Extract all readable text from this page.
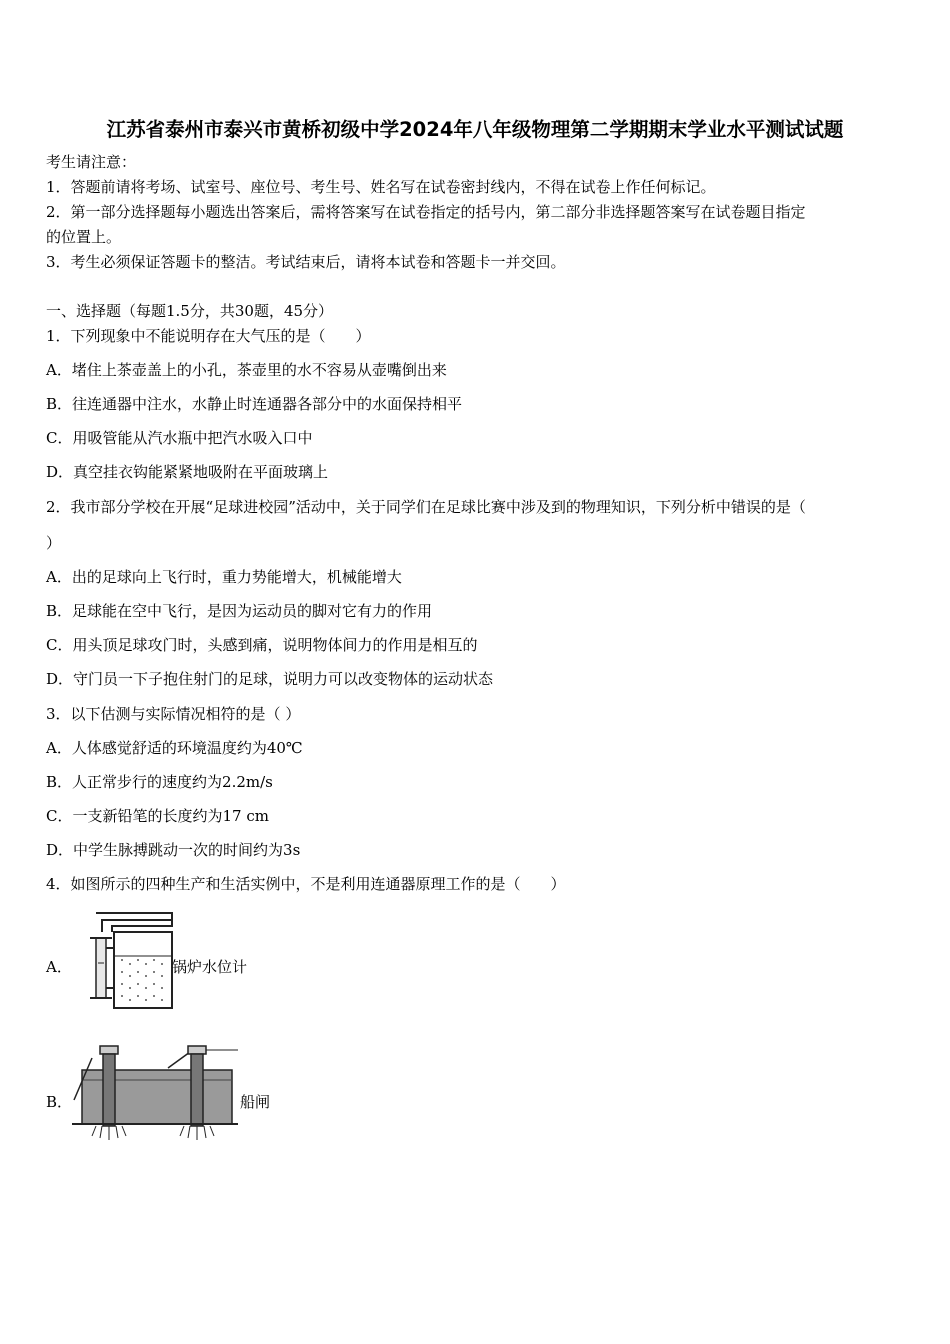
江苏省泰州市泰兴市黄桥初级中学2024年八年级物理第二学期期末学业水平测试试题
考生请注意：
1．答题前请将考场、试室号、座位号、考生号、姓名写在试卷密封线内，不得在试卷上作任何标记。
2．第一部分选择题每小题选出答案后，需将答案写在试卷指定的括号内，第二部分非选择题答案写在试卷题目指定
的位置上。
3．考生必须保证答题卡的整洁。考试结束后，请将本试卷和答题卡一并交回。
一、选择题（每题1.5分，共30题，45分）
1．下列现象中不能说明存在大气压的是（　　）
A．堵住上茶壶盖上的小孔，茶壶里的水不容易从壶嘴倒出来
B．往连通器中注水，水静止时连通器各部分中的水面保持相平
C．用吸管能从汽水瓶中把汽水吸入口中
D．真空挂衣钩能紧紧地吸附在平面玻璃上
2．我市部分学校在开展“足球进校园”活动中，关于同学们在足球比赛中涉及到的物理知识，下列分析中错误的是（
）
A．出的足球向上飞行时，重力势能增大，机械能增大
B．足球能在空中飞行，是因为运动员的脚对它有力的作用
C．用头顶足球攻门时，头感到痛，说明物体间力的作用是相互的
D．守门员一下子抱住射门的足球，说明力可以改变物体的运动状态
3．以下估测与实际情况相符的是（ ）
A．人体感觉舒适的环境温度约为40℃
B．人正常步行的速度约为2.2m/s
C．一支新铅笔的长度约为17 cm
D．中学生脉搏跳动一次的时间约为3s
4．如图所示的四种生产和生活实例中，不是利用连通器原理工作的是（　　）
A．	锅炉水位计
B．	船闸
